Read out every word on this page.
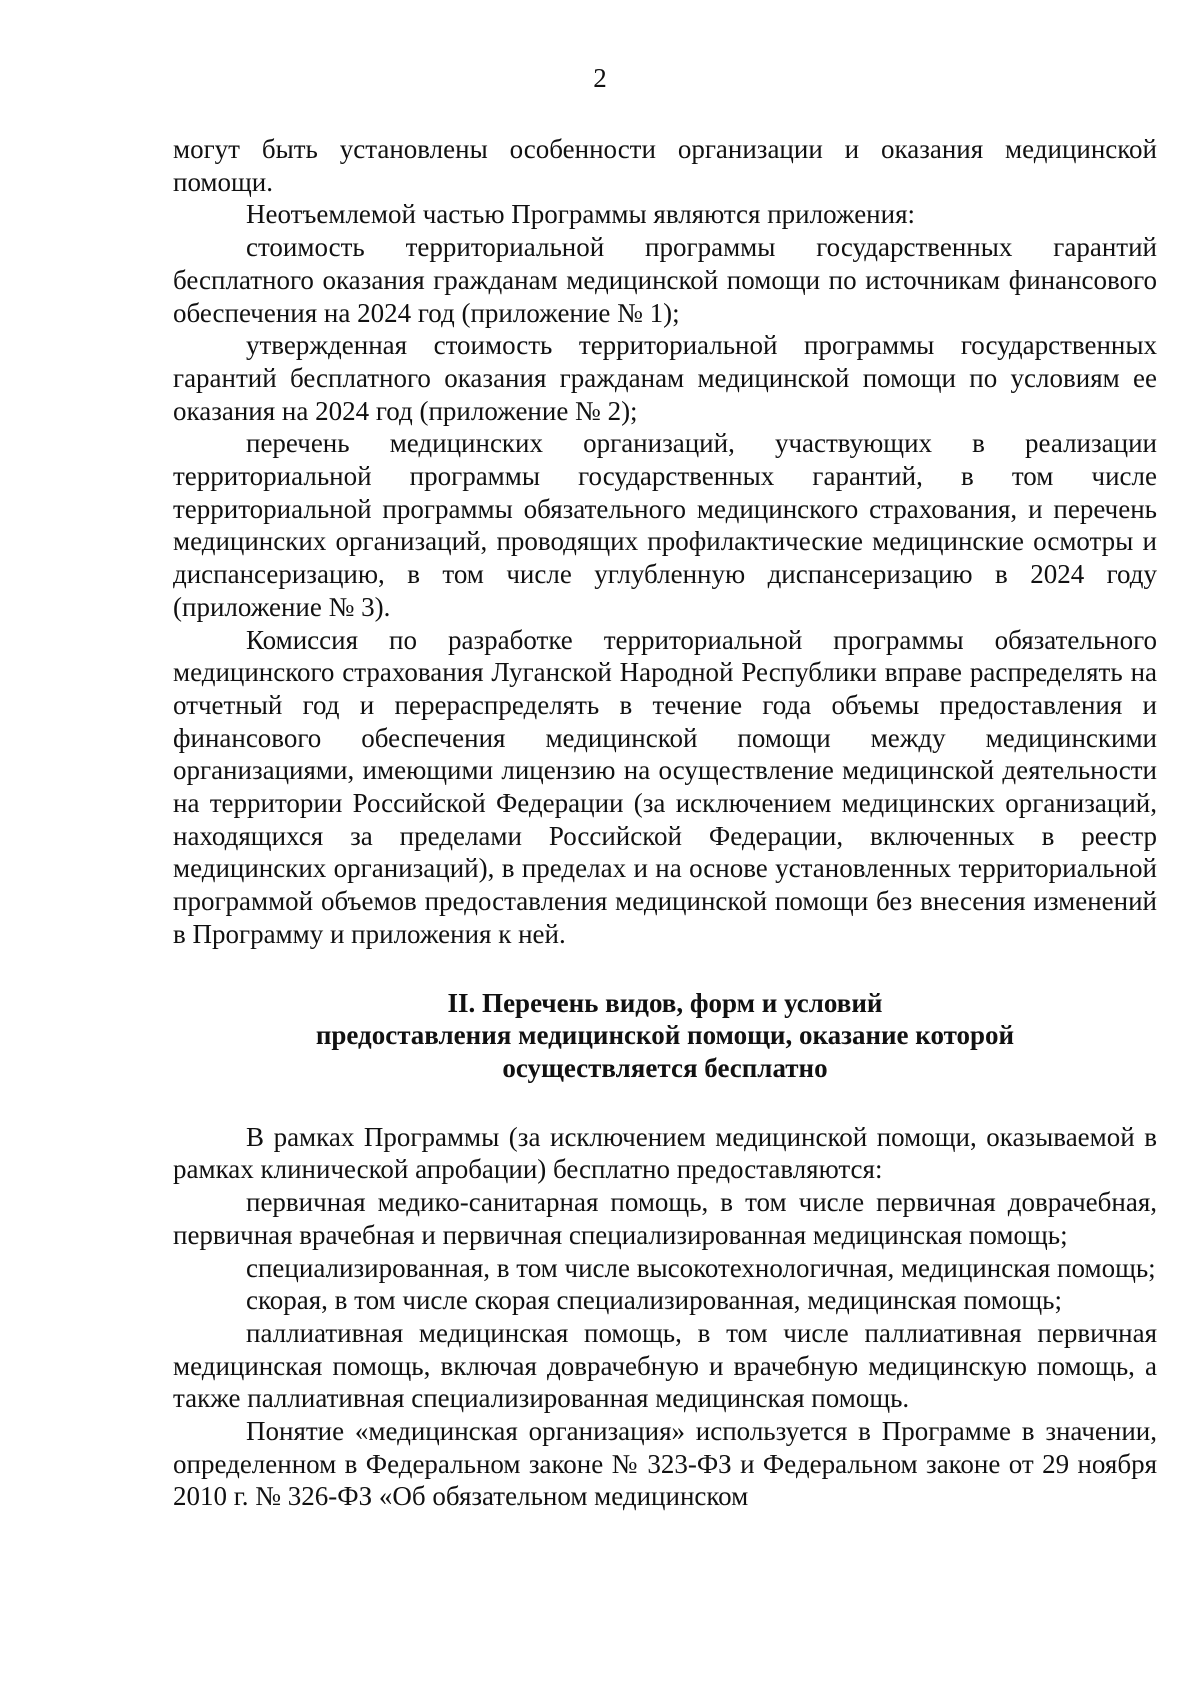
2

могут быть установлены особенности организации и оказания медицинской помощи.

Неотъемлемой частью Программы являются приложения:

стоимость территориальной программы государственных гарантий бесплатного оказания гражданам медицинской помощи по источникам финансового обеспечения на 2024 год (приложение № 1);

утвержденная стоимость территориальной программы государственных гарантий бесплатного оказания гражданам медицинской помощи по условиям ее оказания на 2024 год (приложение № 2);

перечень медицинских организаций, участвующих в реализации территориальной программы государственных гарантий, в том числе территориальной программы обязательного медицинского страхования, и перечень медицинских организаций, проводящих профилактические медицинские осмотры и диспансеризацию, в том числе углубленную диспансеризацию в 2024 году (приложение № 3).

Комиссия по разработке территориальной программы обязательного медицинского страхования Луганской Народной Республики вправе распределять на отчетный год и перераспределять в течение года объемы предоставления и финансового обеспечения медицинской помощи между медицинскими организациями, имеющими лицензию на осуществление медицинской деятельности на территории Российской Федерации (за исключением медицинских организаций, находящихся за пределами Российской Федерации, включенных в реестр медицинских организаций), в пределах и на основе установленных территориальной программой объемов предоставления медицинской помощи без внесения изменений в Программу и приложения к ней.

II. Перечень видов, форм и условий
предоставления медицинской помощи, оказание которой
осуществляется бесплатно

В рамках Программы (за исключением медицинской помощи, оказываемой в рамках клинической апробации) бесплатно предоставляются:

первичная медико-санитарная помощь, в том числе первичная доврачебная, первичная врачебная и первичная специализированная медицинская помощь;

специализированная, в том числе высокотехнологичная, медицинская помощь;

скорая, в том числе скорая специализированная, медицинская помощь;

паллиативная медицинская помощь, в том числе паллиативная первичная медицинская помощь, включая доврачебную и врачебную медицинскую помощь, а также паллиативная специализированная медицинская помощь.

Понятие «медицинская организация» используется в Программе в значении, определенном в Федеральном законе № 323-ФЗ и Федеральном законе от 29 ноября 2010 г. № 326-ФЗ «Об обязательном медицинском
